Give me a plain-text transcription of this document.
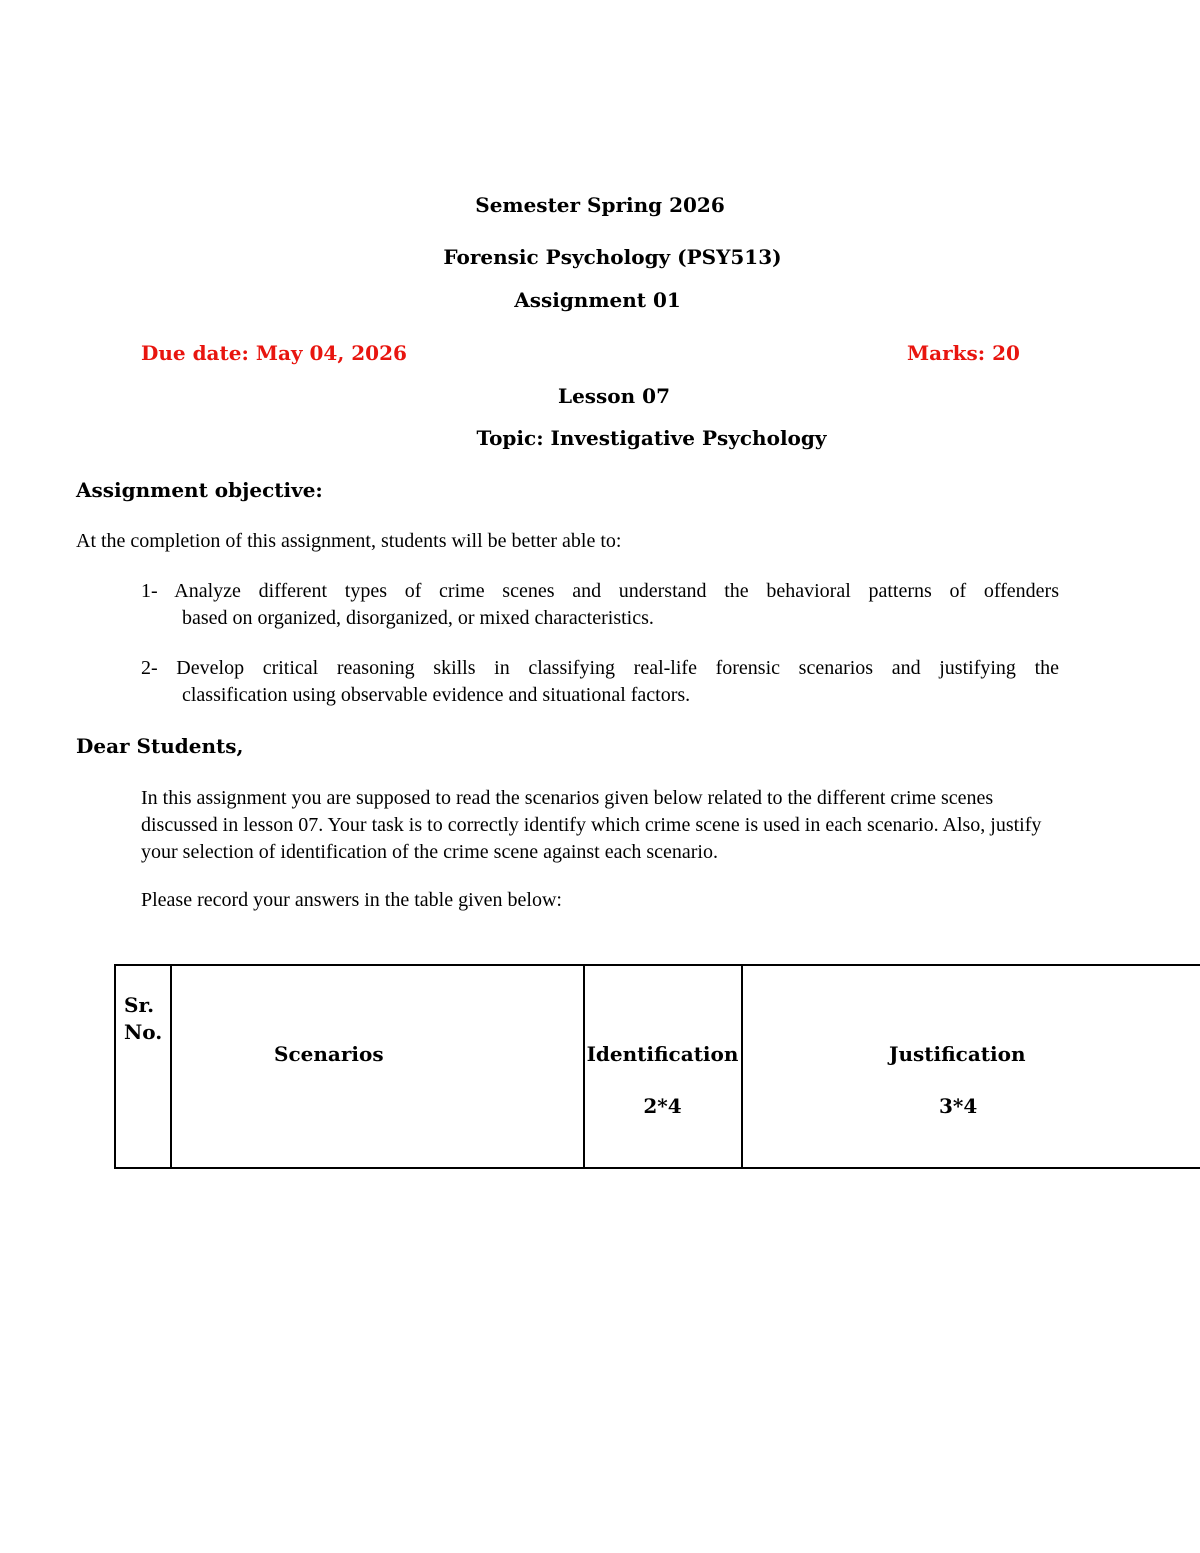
Semester Spring 2026
Forensic Psychology (PSY513)
Assignment 01
Due date: May 04, 2026	Marks: 20
Lesson 07
Topic: Investigative Psychology
Assignment objective:
At the completion of this assignment, students will be better able to:
1- Analyze different types of crime scenes and understand the behavioral patterns of offenders
based on organized, disorganized, or mixed characteristics.
2- Develop critical reasoning skills in classifying real-life forensic scenarios and justifying the
classification using observable evidence and situational factors.
Dear Students,
In this assignment you are supposed to read the scenarios given below related to the different crime scenes discussed in lesson 07. Your task is to correctly identify which crime scene is used in each scenario. Also, justify your selection of identification of the crime scene against each scenario.
Please record your answers in the table given below:
Sr.
No.
Scenarios	Identification
2*4
Justification
3*4
